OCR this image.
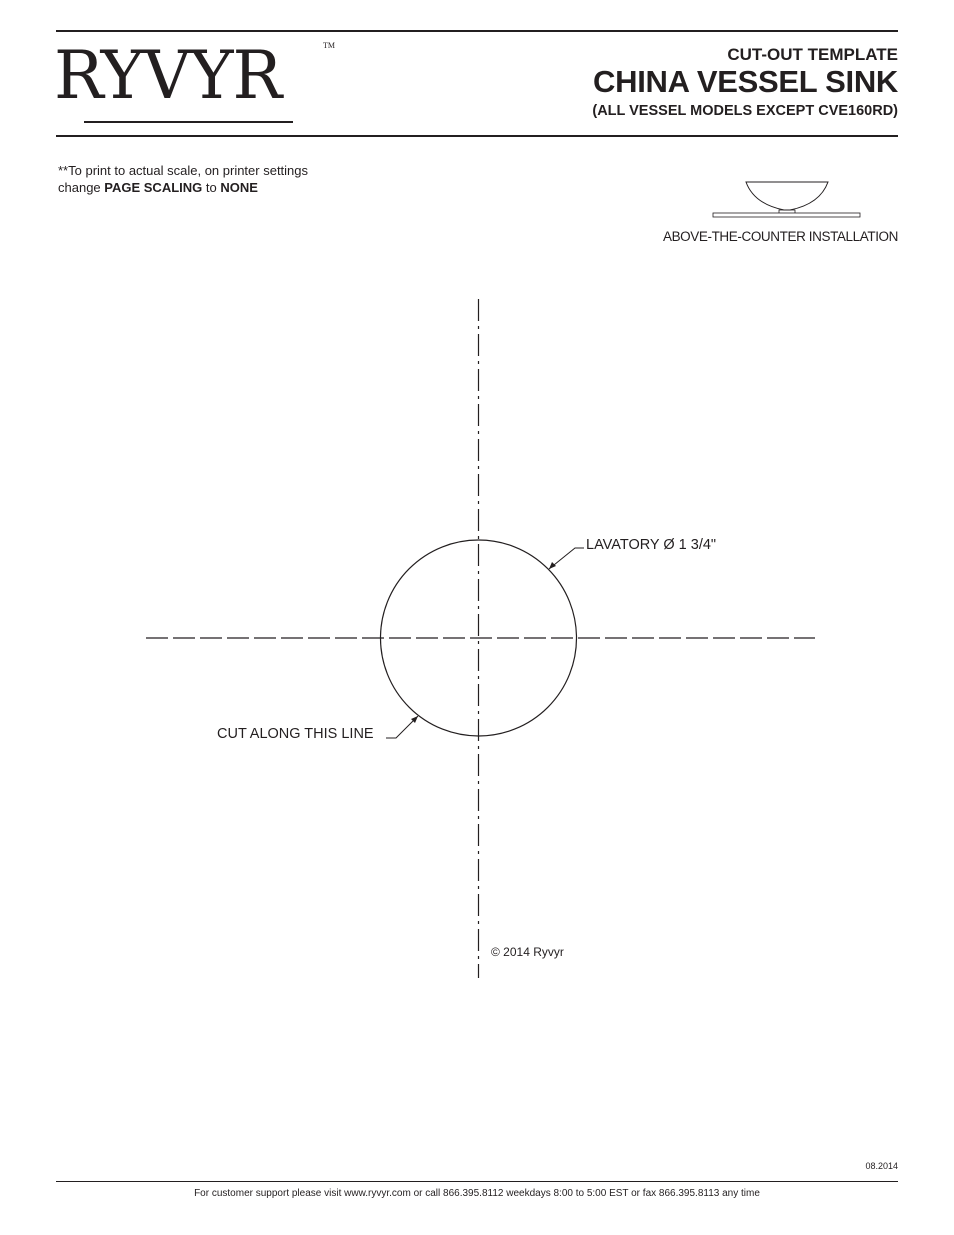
RYVYR	TM	CUT-OUT TEMPLATE
CHINA VESSEL SINK
(ALL VESSEL MODELS EXCEPT CVE160RD)
**To print to actual scale, on printer settings
change PAGE SCALING to NONE
ABOVE-THE-COUNTER INSTALLATION
LAVATORY Ø 1 3/4"
CUT ALONG THIS LINE
© 2014 Ryvyr
08.2014
For customer support please visit www.ryvyr.com or call 866.395.8112 weekdays 8:00 to 5:00 EST or fax 866.395.8113 any time
